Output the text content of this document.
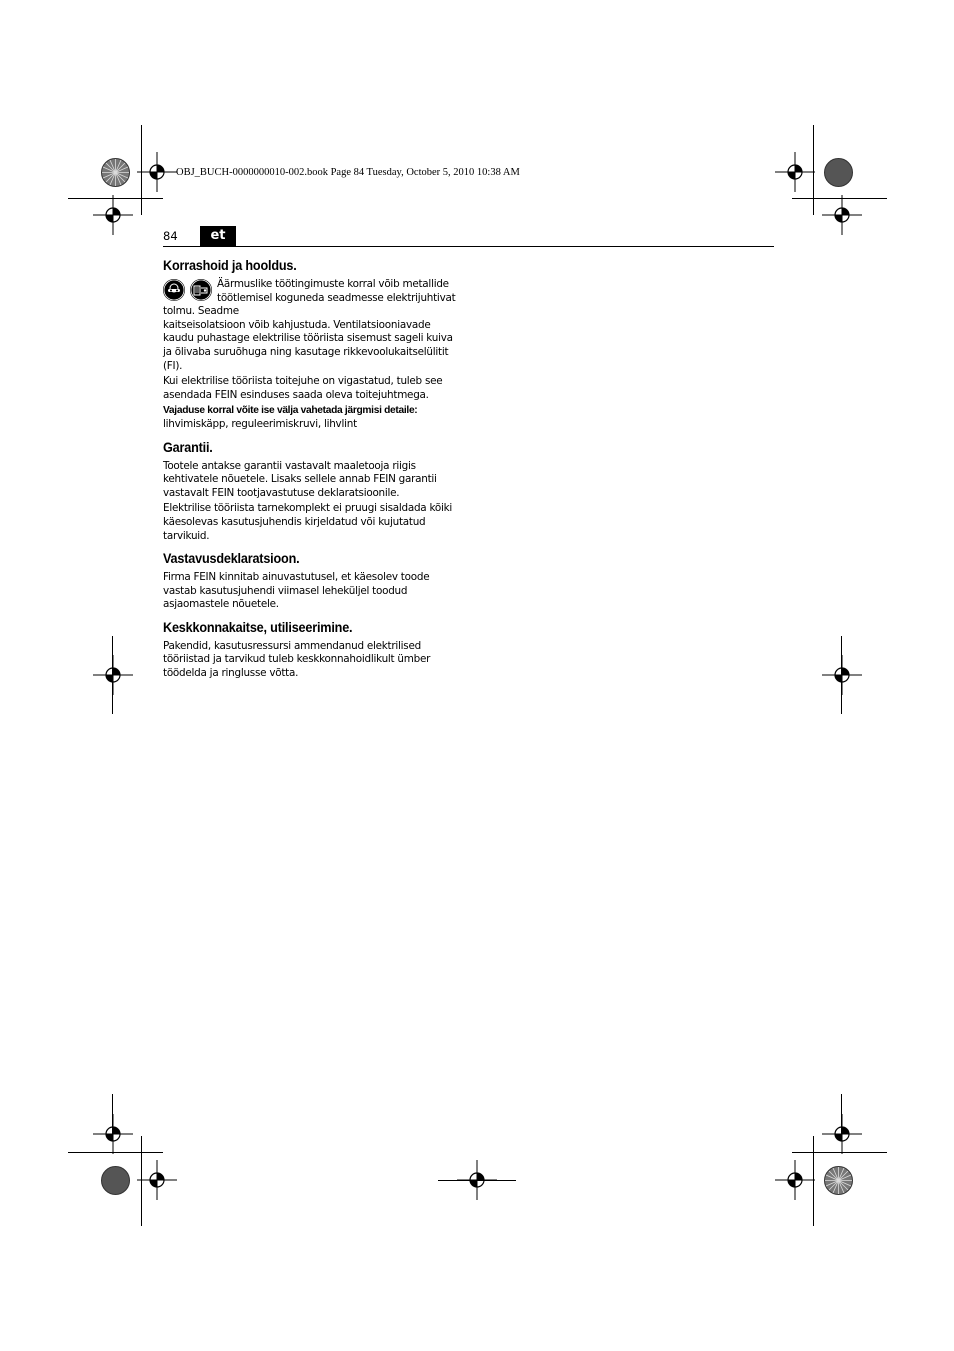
OBJ_BUCH-0000000010-002.book Page 84 Tuesday, October 5, 2010 10:38 AM
84	et
Korrashoid ja hooldus.

Äärmuslike töötingimuste korral võib metallide töötlemisel koguneda seadmesse elektrijuhtivat tolmu. Seadme

kaitseisolatsioon võib kahjustuda. Ventilatsiooniavade kaudu puhastage elektrilise tööriista sisemust sageli kuiva ja õlivaba suruõhuga ning kasutage rikkevoolukaitselülitit (FI).

Kui elektrilise tööriista toitejuhe on vigastatud, tuleb see asendada FEIN esinduses saada oleva toitejuhtmega.

Vajaduse korral võite ise välja vahetada järgmisi detaile:

lihvimiskäpp, reguleerimiskruvi, lihvlint

Garantii.

Tootele antakse garantii vastavalt maaletooja riigis kehtivatele nõuetele. Lisaks sellele annab FEIN garantii vastavalt FEIN tootjavastutuse deklaratsioonile.

Elektrilise tööriista tarnekomplekt ei pruugi sisaldada kõiki käesolevas kasutusjuhendis kirjeldatud või kujutatud tarvikuid.

Vastavusdeklaratsioon.

Firma FEIN kinnitab ainuvastutusel, et käesolev toode vastab kasutusjuhendi viimasel leheküljel toodud asjaomastele nõuetele.

Keskkonnakaitse, utiliseerimine.

Pakendid, kasutusressursi ammendanud elektrilised tööriistad ja tarvikud tuleb keskkonnahoidlikult ümber töödelda ja ringlusse võtta.
